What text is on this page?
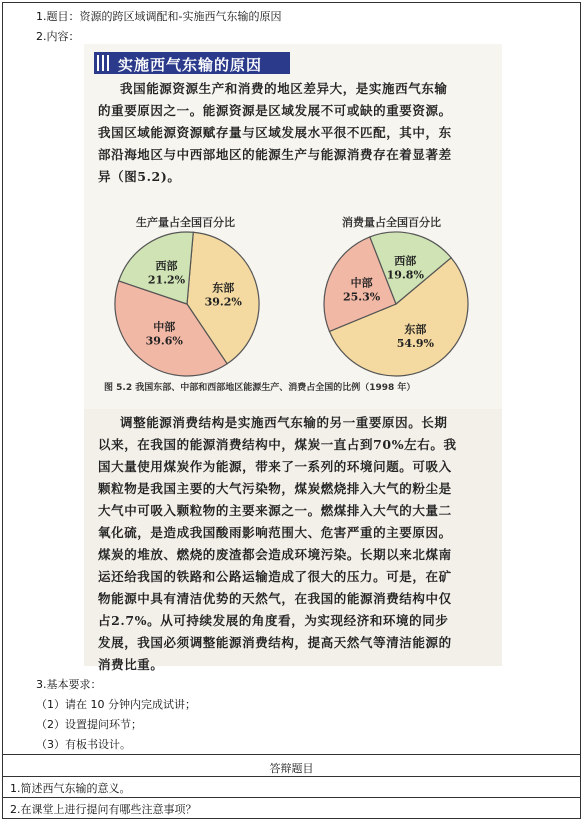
1.题目：资源的跨区域调配和-实施西气东输的原因
2.内容：
实施西气东输的原因
我国能源资源生产和消费的地区差异大，是实施西气东输
的重要原因之一。能源资源是区域发展不可或缺的重要资源。
我国区域能源资源赋存量与区域发展水平很不匹配，其中，东
部沿海地区与中西部地区的能源生产与能源消费存在着显著差
异（图5.2)。
生产量占全国百分比	消费量占全国百分比
东部
39.2%
中部
39.6%
西部
21.2%
东部
54.9%
中部
25.3%
西部
19.8%
图 5.2 我国东部、中部和西部地区能源生产、消费占全国的比例（1998 年）
调整能源消费结构是实施西气东输的另一重要原因。长期
以来，在我国的能源消费结构中，煤炭一直占到70%左右。我
国大量使用煤炭作为能源，带来了一系列的环境问题。可吸入
颗粒物是我国主要的大气污染物，煤炭燃烧排入大气的粉尘是
大气中可吸入颗粒物的主要来源之一。燃煤排入大气的大量二
氧化硫，是造成我国酸雨影响范围大、危害严重的主要原因。
煤炭的堆放、燃烧的废渣都会造成环境污染。长期以来北煤南
运还给我国的铁路和公路运输造成了很大的压力。可是，在矿
物能源中具有清洁优势的天然气，在我国的能源消费结构中仅
占2.7%。从可持续发展的角度看，为实现经济和环境的同步
发展，我国必须调整能源消费结构，提高天然气等清洁能源的
消费比重。
3.基本要求：
（1）请在 10 分钟内完成试讲；
（2）设置提问环节；
（3）有板书设计。
答辩题目
1.简述西气东输的意义。
2.在课堂上进行提问有哪些注意事项？
